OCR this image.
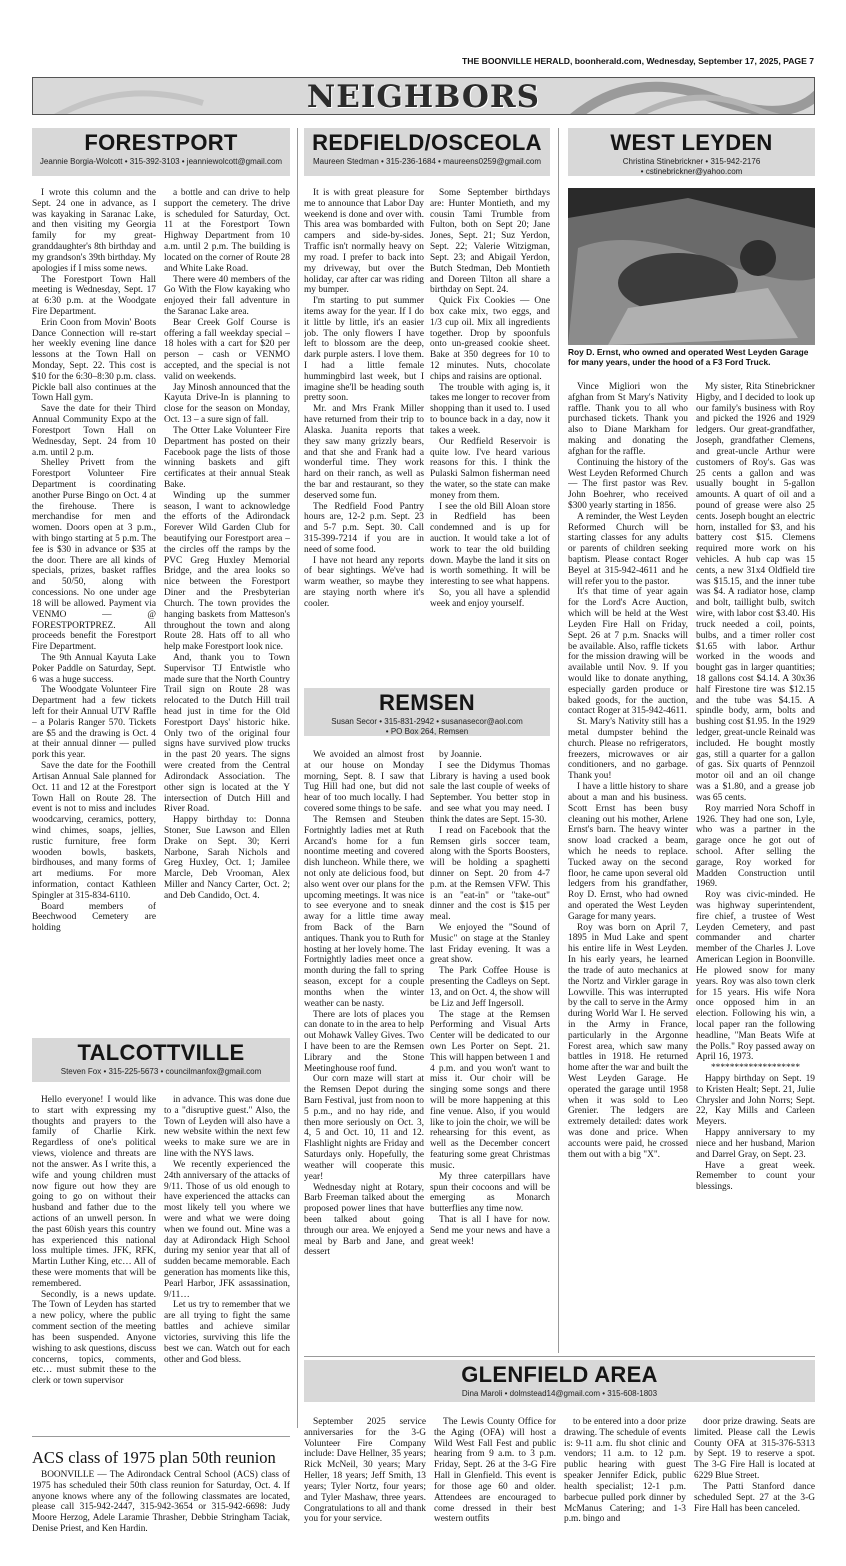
THE BOONVILLE HERALD, boonherald.com, Wednesday, September 17, 2025, PAGE 7
NEIGHBORS
FORESTPORT
Jeannie Borgia-Wolcott • 315-392-3103 • jeanniewolcott@gmail.com

I wrote this column and the Sept. 24 one in advance, as I was kayaking in Saranac Lake, and then visiting my Georgia family for my great-granddaughter's 8th birthday and my grandson's 39th birthday. My apologies if I miss some news.

The Forestport Town Hall meeting is Wednesday, Sept. 17 at 6:30 p.m. at the Woodgate Fire Department.

Erin Coon from Movin' Boots Dance Connection will re-start her weekly evening line dance lessons at the Town Hall on Monday, Sept. 22. This cost is $10 for the 6:30–8:30 p.m. class. Pickle ball also continues at the Town Hall gym.

Save the date for their Third Annual Community Expo at the Forestport Town Hall on Wednesday, Sept. 24 from 10 a.m. until 2 p.m.

Shelley Privett from the Forestport Volunteer Fire Department is coordinating another Purse Bingo on Oct. 4 at the firehouse. There is merchandise for men and women. Doors open at 3 p.m., with bingo starting at 5 p.m. The fee is $30 in advance or $35 at the door. There are all kinds of specials, prizes, basket raffles and 50/50, along with concessions. No one under age 18 will be allowed. Payment via VENMO — @ FORESTPORTPREZ. All proceeds benefit the Forestport Fire Department.

The 9th Annual Kayuta Lake Poker Paddle on Saturday, Sept. 6 was a huge success.

The Woodgate Volunteer Fire Department had a few tickets left for their Annual UTV Raffle – a Polaris Ranger 570. Tickets are $5 and the drawing is Oct. 4 at their annual dinner — pulled pork this year.

Save the date for the Foothill Artisan Annual Sale planned for Oct. 11 and 12 at the Forestport Town Hall on Route 28. The event is not to miss and includes woodcarving, ceramics, pottery, wind chimes, soaps, jellies, rustic furniture, free form wooden bowls, baskets, birdhouses, and many forms of art mediums. For more information, contact Kathleen Spingler at 315-834-6110.

Board members of Beechwood Cemetery are holding

a bottle and can drive to help support the cemetery. The drive is scheduled for Saturday, Oct. 11 at the Forestport Town Highway Department from 10 a.m. until 2 p.m. The building is located on the corner of Route 28 and White Lake Road.

There were 40 members of the Go With the Flow kayaking who enjoyed their fall adventure in the Saranac Lake area.

Bear Creek Golf Course is offering a fall weekday special – 18 holes with a cart for $20 per person – cash or VENMO accepted, and the special is not valid on weekends.

Jay Minosh announced that the Kayuta Drive-In is planning to close for the season on Monday, Oct. 13 – a sure sign of fall.

The Otter Lake Volunteer Fire Department has posted on their Facebook page the lists of those winning baskets and gift certificates at their annual Steak Bake.

Winding up the summer season, I want to acknowledge the efforts of the Adirondack Forever Wild Garden Club for beautifying our Forestport area – the circles off the ramps by the PVC Greg Huxley Memorial Bridge, and the area looks so nice between the Forestport Diner and the Presbyterian Church. The town provides the hanging baskets from Matteson's throughout the town and along Route 28. Hats off to all who help make Forestport look nice.

And, thank you to Town Supervisor TJ Entwistle who made sure that the North Country Trail sign on Route 28 was relocated to the Dutch Hill trail head just in time for the Old Forestport Days' historic hike. Only two of the original four signs have survived plow trucks in the past 20 years. The signs were created from the Central Adirondack Association. The other sign is located at the Y intersection of Dutch Hill and River Road.

Happy birthday to: Donna Stoner, Sue Lawson and Ellen Drake on Sept. 30; Kerri Narbone, Sarah Nichols and Greg Huxley, Oct. 1; Jamilee Marcle, Deb Vrooman, Alex Miller and Nancy Carter, Oct. 2; and Deb Candido, Oct. 4.

TALCOTTVILLE
Steven Fox • 315-225-5673 • councilmanfox@gmail.com

Hello everyone! I would like to start with expressing my thoughts and prayers to the family of Charlie Kirk. Regardless of one's political views, violence and threats are not the answer. As I write this, a wife and young children must now figure out how they are going to go on without their husband and father due to the actions of an unwell person. In the past 60ish years this country has experienced this national loss multiple times. JFK, RFK, Martin Luther King, etc… All of these were moments that will be remembered.

Secondly, is a news update. The Town of Leyden has started a new policy, where the public comment section of the meeting has been suspended. Anyone wishing to ask questions, discuss concerns, topics, comments, etc… must submit these to the clerk or town supervisor

in advance. This was done due to a "disruptive guest." Also, the Town of Leyden will also have a new website within the next few weeks to make sure we are in line with the NYS laws.

We recently experienced the 24th anniversary of the attacks of 9/11. Those of us old enough to have experienced the attacks can most likely tell you where we were and what we were doing when we found out. Mine was a day at Adirondack High School during my senior year that all of sudden became memorable. Each generation has moments like this, Pearl Harbor, JFK assassination, 9/11…

Let us try to remember that we are all trying to fight the same battles and achieve similar victories, surviving this life the best we can. Watch out for each other and God bless.

ACS class of 1975 plan 50th reunion

BOONVILLE — The Adirondack Central School (ACS) class of 1975 has scheduled their 50th class reunion for Saturday, Oct. 4. If anyone knows where any of the following classmates are located, please call 315-942-2447, 315-942-3654 or 315-942-6698: Judy Moore Herzog, Adele Laramie Thrasher, Debbie Stringham Taciak, Denise Priest, and Ken Hardin.

REDFIELD/OSCEOLA
Maureen Stedman • 315-236-1684 • maureens0259@gmail.com

It is with great pleasure for me to announce that Labor Day weekend is done and over with. This area was bombarded with campers and side-by-sides. Traffic isn't normally heavy on my road. I prefer to back into my driveway, but over the holiday, car after car was riding my bumper.

I'm starting to put summer items away for the year. If I do it little by little, it's an easier job. The only flowers I have left to blossom are the deep, dark purple asters. I love them. I had a little female hummingbird last week, but I imagine she'll be heading south pretty soon.

Mr. and Mrs Frank Miller have returned from their trip to Alaska. Juanita reports that they saw many grizzly bears, and that she and Frank had a wonderful time. They work hard on their ranch, as well as the bar and restaurant, so they deserved some fun.

The Redfield Food Pantry hours are, 12-2 p.m. Sept. 23 and 5-7 p.m. Sept. 30. Call 315-399-7214 if you are in need of some food.

I have not heard any reports of bear sightings. We've had warm weather, so maybe they are staying north where it's cooler.

Some September birthdays are: Hunter Montieth, and my cousin Tami Trumble from Fulton, both on Sept 20; Jane Jones, Sept. 21; Suz Yerdon, Sept. 22; Valerie Witzigman, Sept. 23; and Abigail Yerdon, Butch Stedman, Deb Montieth and Doreen Tilton all share a birthday on Sept. 24.

Quick Fix Cookies — One box cake mix, two eggs, and 1/3 cup oil. Mix all ingredients together. Drop by spoonfuls onto un-greased cookie sheet. Bake at 350 degrees for 10 to 12 minutes. Nuts, chocolate chips and raisins are optional.

The trouble with aging is, it takes me longer to recover from shopping than it used to. I used to bounce back in a day, now it takes a week.

Our Redfield Reservoir is quite low. I've heard various reasons for this. I think the Pulaski Salmon fisherman need the water, so the state can make money from them.

I see the old Bill Aloan store in Redfield has been condemned and is up for auction. It would take a lot of work to tear the old building down. Maybe the land it sits on is worth something. It will be interesting to see what happens.

So, you all have a splendid week and enjoy yourself.

REMSEN
Susan Secor • 315-831-2942 • susanasecor@aol.com
• PO Box 264, Remsen

We avoided an almost frost at our house on Monday morning, Sept. 8. I saw that Tug Hill had one, but did not hear of too much locally. I had covered some things to be safe.

The Remsen and Steuben Fortnightly ladies met at Ruth Arcand's home for a fun noontime meeting and covered dish luncheon. While there, we not only ate delicious food, but also went over our plans for the upcoming meetings. It was nice to see everyone and to sneak away for a little time away from Back of the Barn antiques. Thank you to Ruth for hosting at her lovely home. The Fortnightly ladies meet once a month during the fall to spring season, except for a couple months when the winter weather can be nasty.

There are lots of places you can donate to in the area to help out Mohawk Valley Gives. Two I have been to are the Remsen Library and the Stone Meetinghouse roof fund.

Our corn maze will start at the Remsen Depot during the Barn Festival, just from noon to 5 p.m., and no hay ride, and then more seriously on Oct. 3, 4, 5 and Oct. 10, 11 and 12. Flashlight nights are Friday and Saturdays only. Hopefully, the weather will cooperate this year!

Wednesday night at Rotary, Barb Freeman talked about the proposed power lines that have been talked about going through our area. We enjoyed a meal by Barb and Jane, and dessert

by Joannie.

I see the Didymus Thomas Library is having a used book sale the last couple of weeks of September. You better stop in and see what you may need. I think the dates are Sept. 15-30.

I read on Facebook that the Remsen girls soccer team, along with the Sports Boosters, will be holding a spaghetti dinner on Sept. 20 from 4-7 p.m. at the Remsen VFW. This is an "eat-in" or "take-out" dinner and the cost is $15 per meal.

We enjoyed the "Sound of Music" on stage at the Stanley last Friday evening. It was a great show.

The Park Coffee House is presenting the Cadleys on Sept. 13, and on Oct. 4, the show will be Liz and Jeff Ingersoll.

The stage at the Remsen Performing and Visual Arts Center will be dedicated to our own Les Porter on Sept. 21. This will happen between 1 and 4 p.m. and you won't want to miss it. Our choir will be singing some songs and there will be more happening at this fine venue. Also, if you would like to join the choir, we will be rehearsing for this event, as well as the December concert featuring some great Christmas music.

My three caterpillars have spun their cocoons and will be emerging as Monarch butterflies any time now.

That is all I have for now. Send me your news and have a great week!

WEST LEYDEN
Christina Stinebrickner • 315-942-2176
• cstinebrickner@yahoo.com
Roy D. Ernst, who owned and operated West Leyden Garage for many years, under the hood of a F3 Ford Truck.

Vince Migliori won the afghan from St Mary's Nativity raffle. Thank you to all who purchased tickets. Thank you also to Diane Markham for making and donating the afghan for the raffle.

Continuing the history of the West Leyden Reformed Church — The first pastor was Rev. John Boehrer, who received $300 yearly starting in 1856.

A reminder, the West Leyden Reformed Church will be starting classes for any adults or parents of children seeking baptism. Please contact Roger Beyel at 315-942-4611 and he will refer you to the pastor.

It's that time of year again for the Lord's Acre Auction, which will be held at the West Leyden Fire Hall on Friday, Sept. 26 at 7 p.m. Snacks will be available. Also, raffle tickets for the mission drawing will be available until Nov. 9. If you would like to donate anything, especially garden produce or baked goods, for the auction, contact Roger at 315-942-4611.

St. Mary's Nativity still has a metal dumpster behind the church. Please no refrigerators, freezers, microwaves or air conditioners, and no garbage. Thank you!

I have a little history to share about a man and his business. Scott Ernst has been busy cleaning out his mother, Arlene Ernst's barn. The heavy winter snow load cracked a beam, which he needs to replace. Tucked away on the second floor, he came upon several old ledgers from his grandfather, Roy D. Ernst, who had owned and operated the West Leyden Garage for many years.

Roy was born on April 7, 1895 in Mud Lake and spent his entire life in West Leyden. In his early years, he learned the trade of auto mechanics at the Nortz and Virkler garage in Lowville. This was interrupted by the call to serve in the Army during World War I. He served in the Army in France, particularly in the Argonne Forest area, which saw many battles in 1918. He returned home after the war and built the West Leyden Garage. He operated the garage until 1958 when it was sold to Leo Grenier. The ledgers are extremely detailed: dates work was done and price. When accounts were paid, he crossed them out with a big "X".

My sister, Rita Stinebrickner Higby, and I decided to look up our family's business with Roy and picked the 1926 and 1929 ledgers. Our great-grandfather, Joseph, grandfather Clemens, and great-uncle Arthur were customers of Roy's. Gas was 25 cents a gallon and was usually bought in 5-gallon amounts. A quart of oil and a pound of grease were also 25 cents. Joseph bought an electric horn, installed for $3, and his battery cost $15. Clemens required more work on his vehicles. A hub cap was 15 cents, a new 31x4 Oldfield tire was $15.15, and the inner tube was $4. A radiator hose, clamp and bolt, taillight bulb, switch wire, with labor cost $3.40. His truck needed a coil, points, bulbs, and a timer roller cost $1.65 with labor. Arthur worked in the woods and bought gas in larger quantities; 18 gallons cost $4.14. A 30x36 half Firestone tire was $12.15 and the tube was $4.15. A spindle body, arm, bolts and bushing cost $1.95. In the 1929 ledger, great-uncle Reinald was included. He bought mostly gas, still a quarter for a gallon of gas. Six quarts of Pennzoil motor oil and an oil change was a $1.80, and a grease job was 65 cents.

Roy married Nora Schoff in 1926. They had one son, Lyle, who was a partner in the garage once he got out of school. After selling the garage, Roy worked for Madden Construction until 1969.

Roy was civic-minded. He was highway superintendent, fire chief, a trustee of West Leyden Cemetery, and past commander and charter member of the Charles J. Love American Legion in Boonville. He plowed snow for many years. Roy was also town clerk for 15 years. His wife Nora once opposed him in an election. Following his win, a local paper ran the following headline, "Man Beats Wife at the Polls." Roy passed away on April 16, 1973.

*******************

Happy birthday on Sept. 19 to Kristen Healt; Sept. 21, Julie Chrysler and John Norrs; Sept. 22, Kay Mills and Carleen Meyers.

Happy anniversary to my niece and her husband, Marion and Darrel Gray, on Sept. 23.

Have a great week. Remember to count your blessings.

GLENFIELD AREA
Dina Maroli • dolmstead14@gmail.com • 315-608-1803

September 2025 service anniversaries for the 3-G Volunteer Fire Company include: Dave Hellner, 35 years; Rick McNeil, 30 years; Mary Heller, 18 years; Jeff Smith, 13 years; Tyler Nortz, four years; and Tyler Mashaw, three years. Congratulations to all and thank you for your service.

The Lewis County Office for the Aging (OFA) will host a Wild West Fall Fest and public hearing from 9 a.m. to 3 p.m. Friday, Sept. 26 at the 3-G Fire Hall in Glenfield. This event is for those age 60 and older. Attendees are encouraged to come dressed in their best western outfits

to be entered into a door prize drawing. The schedule of events is: 9-11 a.m. flu shot clinic and vendors; 11 a.m. to 12 p.m. public hearing with guest speaker Jennifer Edick, public health specialist; 12-1 p.m. barbecue pulled pork dinner by McManus Catering; and 1-3 p.m. bingo and

door prize drawing. Seats are limited. Please call the Lewis County OFA at 315-376-5313 by Sept. 19 to reserve a spot. The 3-G Fire Hall is located at 6229 Blue Street.

The Patti Stanford dance scheduled Sept. 27 at the 3-G Fire Hall has been canceled.
